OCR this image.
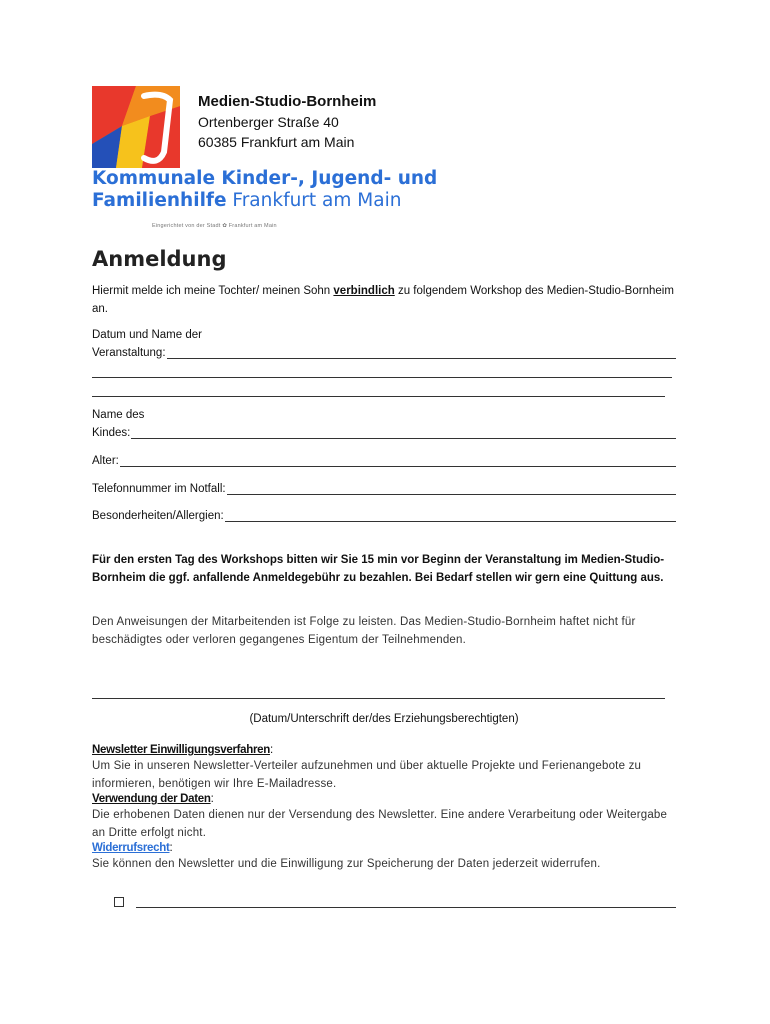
Medien-Studio-Bornheim
Ortenberger Straße 40
60385 Frankfurt am Main
Kommunale Kinder-, Jugend- und
Familienhilfe Frankfurt am Main
Eingerichtet von der Stadt ✿ Frankfurt am Main
Anmeldung
Hiermit melde ich meine Tochter/ meinen Sohn verbindlich zu folgendem Workshop des Medien-Studio-Bornheim an.
Datum und Name der
Veranstaltung:
Name des
Kindes:
Alter:
Telefonnummer im Notfall:
Besonderheiten/Allergien:
Für den ersten Tag des Workshops bitten wir Sie 15 min vor Beginn der Veranstaltung im Medien-Studio-Bornheim die ggf. anfallende Anmeldegebühr zu bezahlen. Bei Bedarf stellen wir gern eine Quittung aus.
Den Anweisungen der Mitarbeitenden ist Folge zu leisten. Das Medien-Studio-Bornheim haftet nicht für beschädigtes oder verloren gegangenes Eigentum der Teilnehmenden.
(Datum/Unterschrift der/des Erziehungsberechtigten)
Newsletter Einwilligungsverfahren:
Um Sie in unseren Newsletter-Verteiler aufzunehmen und über aktuelle Projekte und Ferienangebote zu informieren, benötigen wir Ihre E-Mailadresse.
Verwendung der Daten:
Die erhobenen Daten dienen nur der Versendung des Newsletter. Eine andere Verarbeitung oder Weitergabe an Dritte erfolgt nicht.
Widerrufsrecht:
Sie können den Newsletter und die Einwilligung zur Speicherung der Daten jederzeit widerrufen.
